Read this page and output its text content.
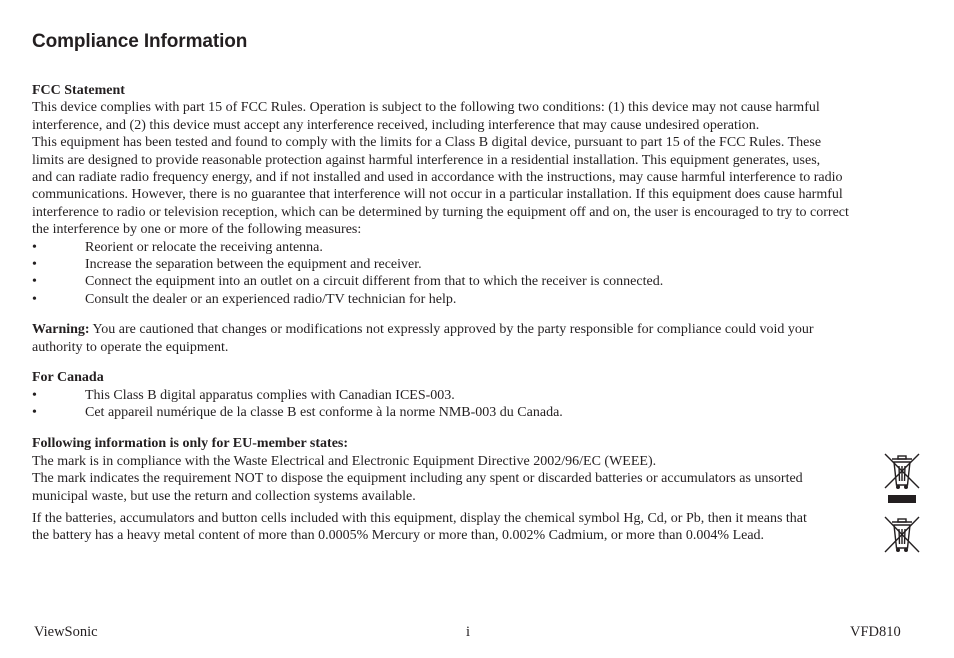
Compliance Information

FCC Statement

This device complies with part 15 of FCC Rules. Operation is subject to the following two conditions: (1) this device may not cause harmful

interference, and (2) this device must accept any interference received, including interference that may cause undesired operation.

This equipment has been tested and found to comply with the limits for a Class B digital device, pursuant to part 15 of the FCC Rules. These

limits are designed to provide reasonable protection against harmful interference in a residential installation. This equipment generates, uses,

and can radiate radio frequency energy, and if not installed and used in accordance with the instructions, may cause harmful interference to radio

communications. However, there is no guarantee that interference will not occur in a particular installation. If this equipment does cause harmful

interference to radio or television reception, which can be determined by turning the equipment off and on, the user is encouraged to try to correct

the interference by one or more of the following measures:

•	Reorient or relocate the receiving antenna.
•	Increase the separation between the equipment and receiver.
•	Connect the equipment into an outlet on a circuit different from that to which the receiver is connected.
•	Consult the dealer or an experienced radio/TV technician for help.

Warning: You are cautioned that changes or modifications not expressly approved by the party responsible for compliance could void your

authority to operate the equipment.

For Canada

•	This Class B digital apparatus complies with Canadian ICES-003.
•	Cet appareil numérique de la classe B est conforme à la norme NMB-003 du Canada.

Following information is only for EU-member states:

The mark is in compliance with the Waste Electrical and Electronic Equipment Directive 2002/96/EC (WEEE).

The mark indicates the requirement NOT to dispose the equipment including any spent or discarded batteries or accumulators as unsorted

municipal waste, but use the return and collection systems available.

If the batteries, accumulators and button cells included with this equipment, display the chemical symbol Hg, Cd, or Pb, then it means that

the battery has a heavy metal content of more than 0.0005% Mercury or more than, 0.002% Cadmium, or more than 0.004% Lead.

ViewSonic	i	VFD810
